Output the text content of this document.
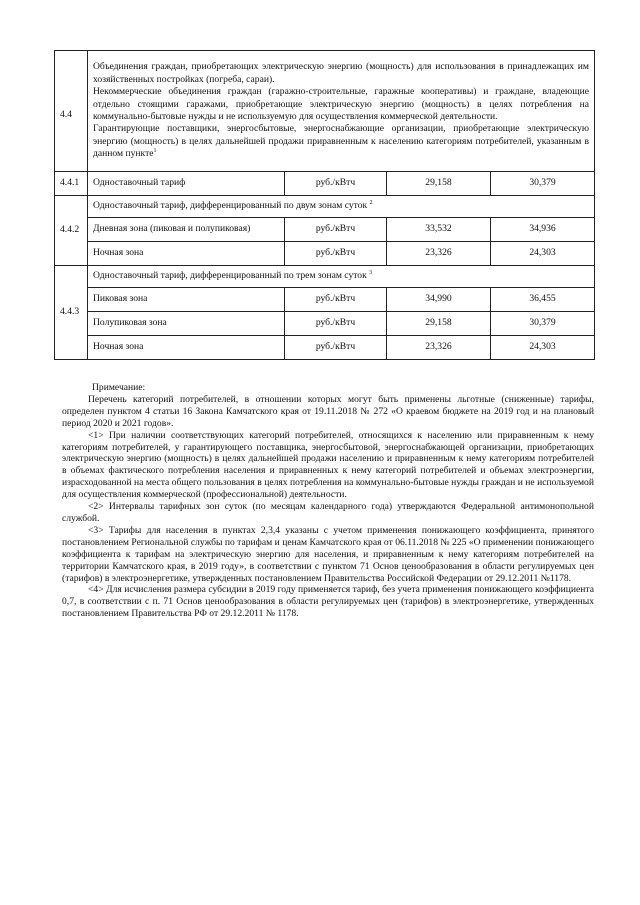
4.4	Объединения граждан, приобретающих электрическую энергию (мощность) для использования в принадлежащих им хозяйственных постройках (погреба, сараи).

Некоммерческие объединения граждан (гаражно-строительные, гаражные кооперативы) и граждане, владеющие отдельно стоящими гаражами, приобретающие электрическую энергию (мощность) в целях потребления на коммунально-бытовые нужды и не используемую для осуществления коммерческой деятельности.

Гарантирующие поставщики, энергосбытовые, энергоснабжающие организации, приобретающие электрическую энергию (мощность) в целях дальнейшей продажи приравненным к населению категориям потребителей, указанным в данном пункте$^1$

4.4.1	Одноставочный тариф	руб./кВтч	29,158	30,379
4.4.2	Одноставочный тариф, дифференцированный по двум зонам суток $^2$
	Дневная зона (пиковая и полупиковая)	руб./кВтч	33,532	34,936
	Ночная зона	руб./кВтч	23,326	24,303
4.4.3	Одноставочный тариф, дифференцированный по трем зонам суток $^3$
	Пиковая зона	руб./кВтч	34,990	36,455
	Полупиковая зона	руб./кВтч	29,158	30,379
	Ночная зона	руб./кВтч	23,326	24,303

Примечание:

Перечень категорий потребителей, в отношении которых могут быть применены льготные (сниженные) тарифы, определен пунктом 4 статьи 16 Закона Камчатского края от 19.11.2018 № 272 «О краевом бюджете на 2019 год и на плановый период 2020 и 2021 годов».

<1> При наличии соответствующих категорий потребителей, относящихся к населению или приравненным к нему категориям потребителей, у гарантирующего поставщика, энергосбытовой, энергоснабжающей организации, приобретающих электрическую энергию (мощность) в целях дальнейшей продажи населению и приравненным к нему категориям потребителей в объемах фактического потребления населения и приравненных к нему категорий потребителей и объемах электроэнергии, израсходованной на места общего пользования в целях потребления на коммунально-бытовые нужды граждан и не используемой для осуществления коммерческой (профессиональной) деятельности.

<2> Интервалы тарифных зон суток (по месяцам календарного года) утверждаются Федеральной антимонопольной службой.

<3> Тарифы для населения в пунктах 2,3,4 указаны с учетом применения понижающего коэффициента, принятого постановлением Региональной службы по тарифам и ценам Камчатского края от 06.11.2018 № 225 «О применении понижающего коэффициента к тарифам на электрическую энергию для населения, и приравненным к нему категориям потребителей на территории Камчатского края, в 2019 году», в соответствии с пунктом 71 Основ ценообразования в области регулируемых цен (тарифов) в электроэнергетике, утвержденных постановлением Правительства Российской Федерации от 29.12.2011 №1178.

<4> Для исчисления размера субсидии в 2019 году применяется тариф, без учета применения понижающего коэффициента 0,7, в соответствии с п. 71 Основ ценообразования в области регулируемых цен (тарифов) в электроэнергетике, утвержденных постановлением Правительства РФ от 29.12.2011 № 1178.
